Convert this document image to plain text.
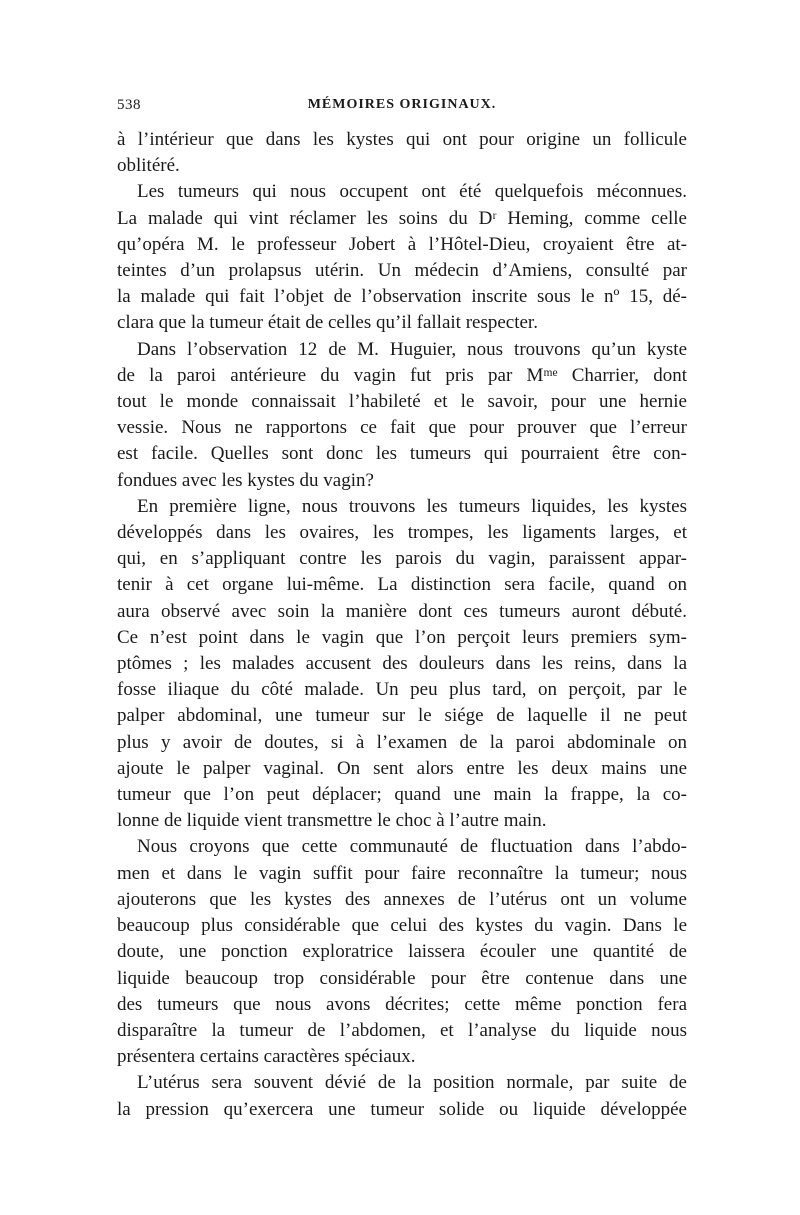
538	MÉMOIRES ORIGINAUX.
à l’intérieur que dans les kystes qui ont pour origine un follicule
oblitéré.
Les tumeurs qui nous occupent ont été quelquefois méconnues.
La malade qui vint réclamer les soins du Dʳ Heming, comme celle
qu’opéra M. le professeur Jobert à l’Hôtel-Dieu, croyaient être at-
teintes d’un prolapsus utérin. Un médecin d’Amiens, consulté par
la malade qui fait l’objet de l’observation inscrite sous le nº 15, dé-
clara que la tumeur était de celles qu’il fallait respecter.
Dans l’observation 12 de M. Huguier, nous trouvons qu’un kyste
de la paroi antérieure du vagin fut pris par Mᵐᵉ Charrier, dont
tout le monde connaissait l’habileté et le savoir, pour une hernie
vessie. Nous ne rapportons ce fait que pour prouver que l’erreur
est facile. Quelles sont donc les tumeurs qui pourraient être con-
fondues avec les kystes du vagin?
En première ligne, nous trouvons les tumeurs liquides, les kystes
développés dans les ovaires, les trompes, les ligaments larges, et
qui, en s’appliquant contre les parois du vagin, paraissent appar-
tenir à cet organe lui-même. La distinction sera facile, quand on
aura observé avec soin la manière dont ces tumeurs auront débuté.
Ce n’est point dans le vagin que l’on perçoit leurs premiers sym-
ptômes ; les malades accusent des douleurs dans les reins, dans la
fosse iliaque du côté malade. Un peu plus tard, on perçoit, par le
palper abdominal, une tumeur sur le siége de laquelle il ne peut
plus y avoir de doutes, si à l’examen de la paroi abdominale on
ajoute le palper vaginal. On sent alors entre les deux mains une
tumeur que l’on peut déplacer; quand une main la frappe, la co-
lonne de liquide vient transmettre le choc à l’autre main.
Nous croyons que cette communauté de fluctuation dans l’abdo-
men et dans le vagin suffit pour faire reconnaître la tumeur; nous
ajouterons que les kystes des annexes de l’utérus ont un volume
beaucoup plus considérable que celui des kystes du vagin. Dans le
doute, une ponction exploratrice laissera écouler une quantité de
liquide beaucoup trop considérable pour être contenue dans une
des tumeurs que nous avons décrites; cette même ponction fera
disparaître la tumeur de l’abdomen, et l’analyse du liquide nous
présentera certains caractères spéciaux.
L’utérus sera souvent dévié de la position normale, par suite de
la pression qu’exercera une tumeur solide ou liquide développée
